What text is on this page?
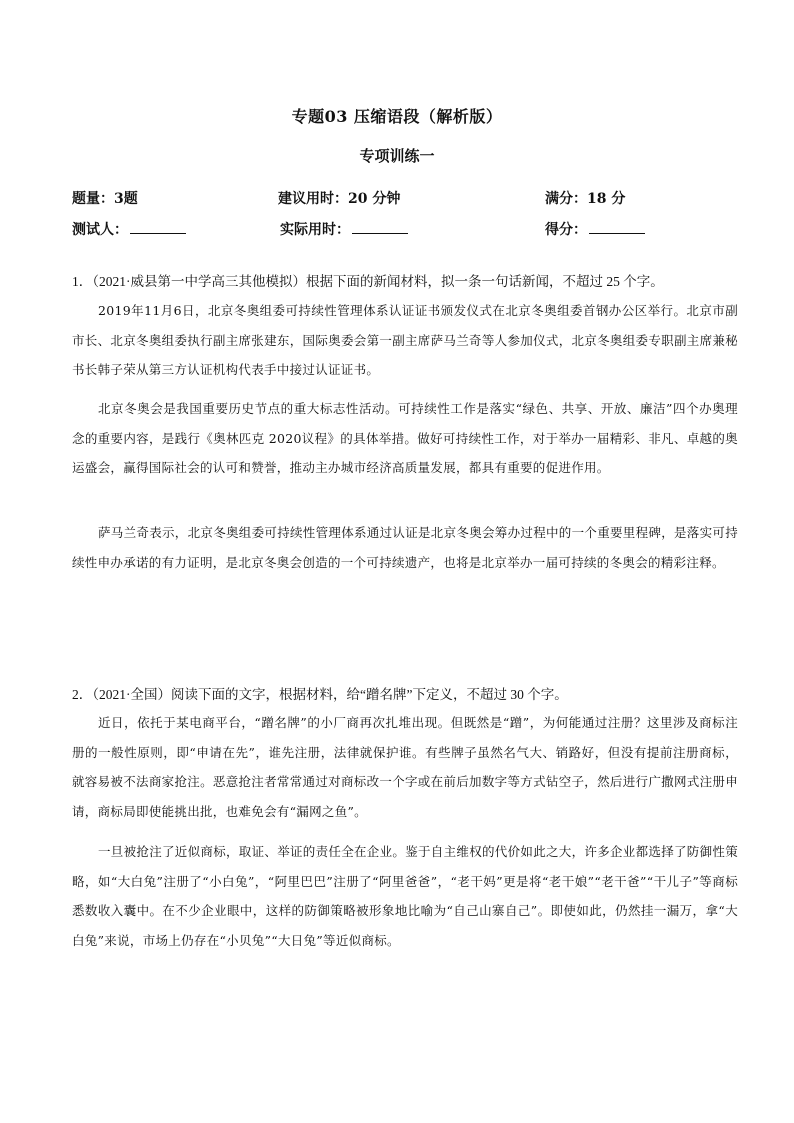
专题03 压缩语段（解析版）
专项训练一
题量：3题	建议用时：20 分钟	满分：18 分
测试人：	实际用时：	得分：
1．（2021·威县第一中学高三其他模拟）根据下面的新闻材料，拟一条一句话新闻，不超过 25 个字。
2019年11月6日，北京冬奥组委可持续性管理体系认证证书颁发仪式在北京冬奥组委首钢办公区举行。北京市副市长、北京冬奥组委执行副主席张建东，国际奥委会第一副主席萨马兰奇等人参加仪式，北京冬奥组委专职副主席兼秘书长韩子荣从第三方认证机构代表手中接过认证证书。
北京冬奥会是我国重要历史节点的重大标志性活动。可持续性工作是落实“绿色、共享、开放、廉洁”四个办奥理念的重要内容，是践行《奥林匹克 2020议程》的具体举措。做好可持续性工作，对于举办一届精彩、非凡、卓越的奥运盛会，赢得国际社会的认可和赞誉，推动主办城市经济高质量发展，都具有重要的促进作用。
萨马兰奇表示，北京冬奥组委可持续性管理体系通过认证是北京冬奥会筹办过程中的一个重要里程碑，是落实可持续性申办承诺的有力证明，是北京冬奥会创造的一个可持续遗产，也将是北京举办一届可持续的冬奥会的精彩注释。
2．（2021·全国）阅读下面的文字，根据材料，给“蹭名牌”下定义，不超过 30 个字。
近日，依托于某电商平台，“蹭名牌”的小厂商再次扎堆出现。但既然是“蹭”，为何能通过注册？这里涉及商标注册的一般性原则，即“申请在先”，谁先注册，法律就保护谁。有些牌子虽然名气大、销路好，但没有提前注册商标，就容易被不法商家抢注。恶意抢注者常常通过对商标改一个字或在前后加数字等方式钻空子，然后进行广撒网式注册申请，商标局即使能挑出批，也难免会有“漏网之鱼”。
一旦被抢注了近似商标，取证、举证的责任全在企业。鉴于自主维权的代价如此之大，许多企业都选择了防御性策略，如“大白兔”注册了“小白兔”，“阿里巴巴”注册了“阿里爸爸”，“老干妈”更是将“老干娘”“老干爸”“干儿子”等商标悉数收入囊中。在不少企业眼中，这样的防御策略被形象地比喻为“自己山寨自己”。即使如此，仍然挂一漏万，拿“大白兔”来说，市场上仍存在“小贝兔”“大日兔”等近似商标。
